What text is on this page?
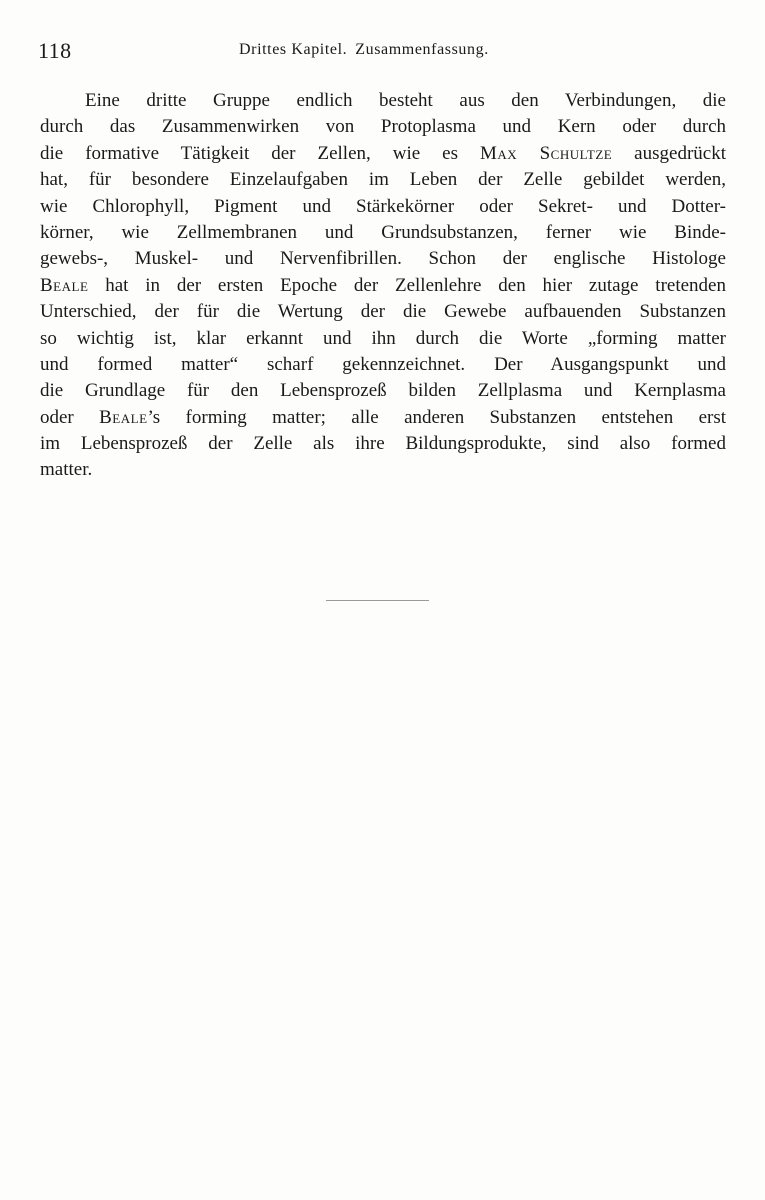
118	Drittes Kapitel. Zusammenfassung.
Eine dritte Gruppe endlich besteht aus den Verbindungen, die
durch das Zusammenwirken von Protoplasma und Kern oder durch
die formative Tätigkeit der Zellen, wie es Max Schultze ausgedrückt
hat, für besondere Einzelaufgaben im Leben der Zelle gebildet werden,
wie Chlorophyll, Pigment und Stärkekörner oder Sekret- und Dotter-
körner, wie Zellmembranen und Grundsubstanzen, ferner wie Binde-
gewebs-, Muskel- und Nervenfibrillen. Schon der englische Histologe
Beale hat in der ersten Epoche der Zellenlehre den hier zutage tretenden
Unterschied, der für die Wertung der die Gewebe aufbauenden Substanzen
so wichtig ist, klar erkannt und ihn durch die Worte „forming matter
und formed matter“ scharf gekennzeichnet. Der Ausgangspunkt und
die Grundlage für den Lebensprozeß bilden Zellplasma und Kernplasma
oder Beale’s forming matter; alle anderen Substanzen entstehen erst
im Lebensprozeß der Zelle als ihre Bildungsprodukte, sind also formed
matter.
